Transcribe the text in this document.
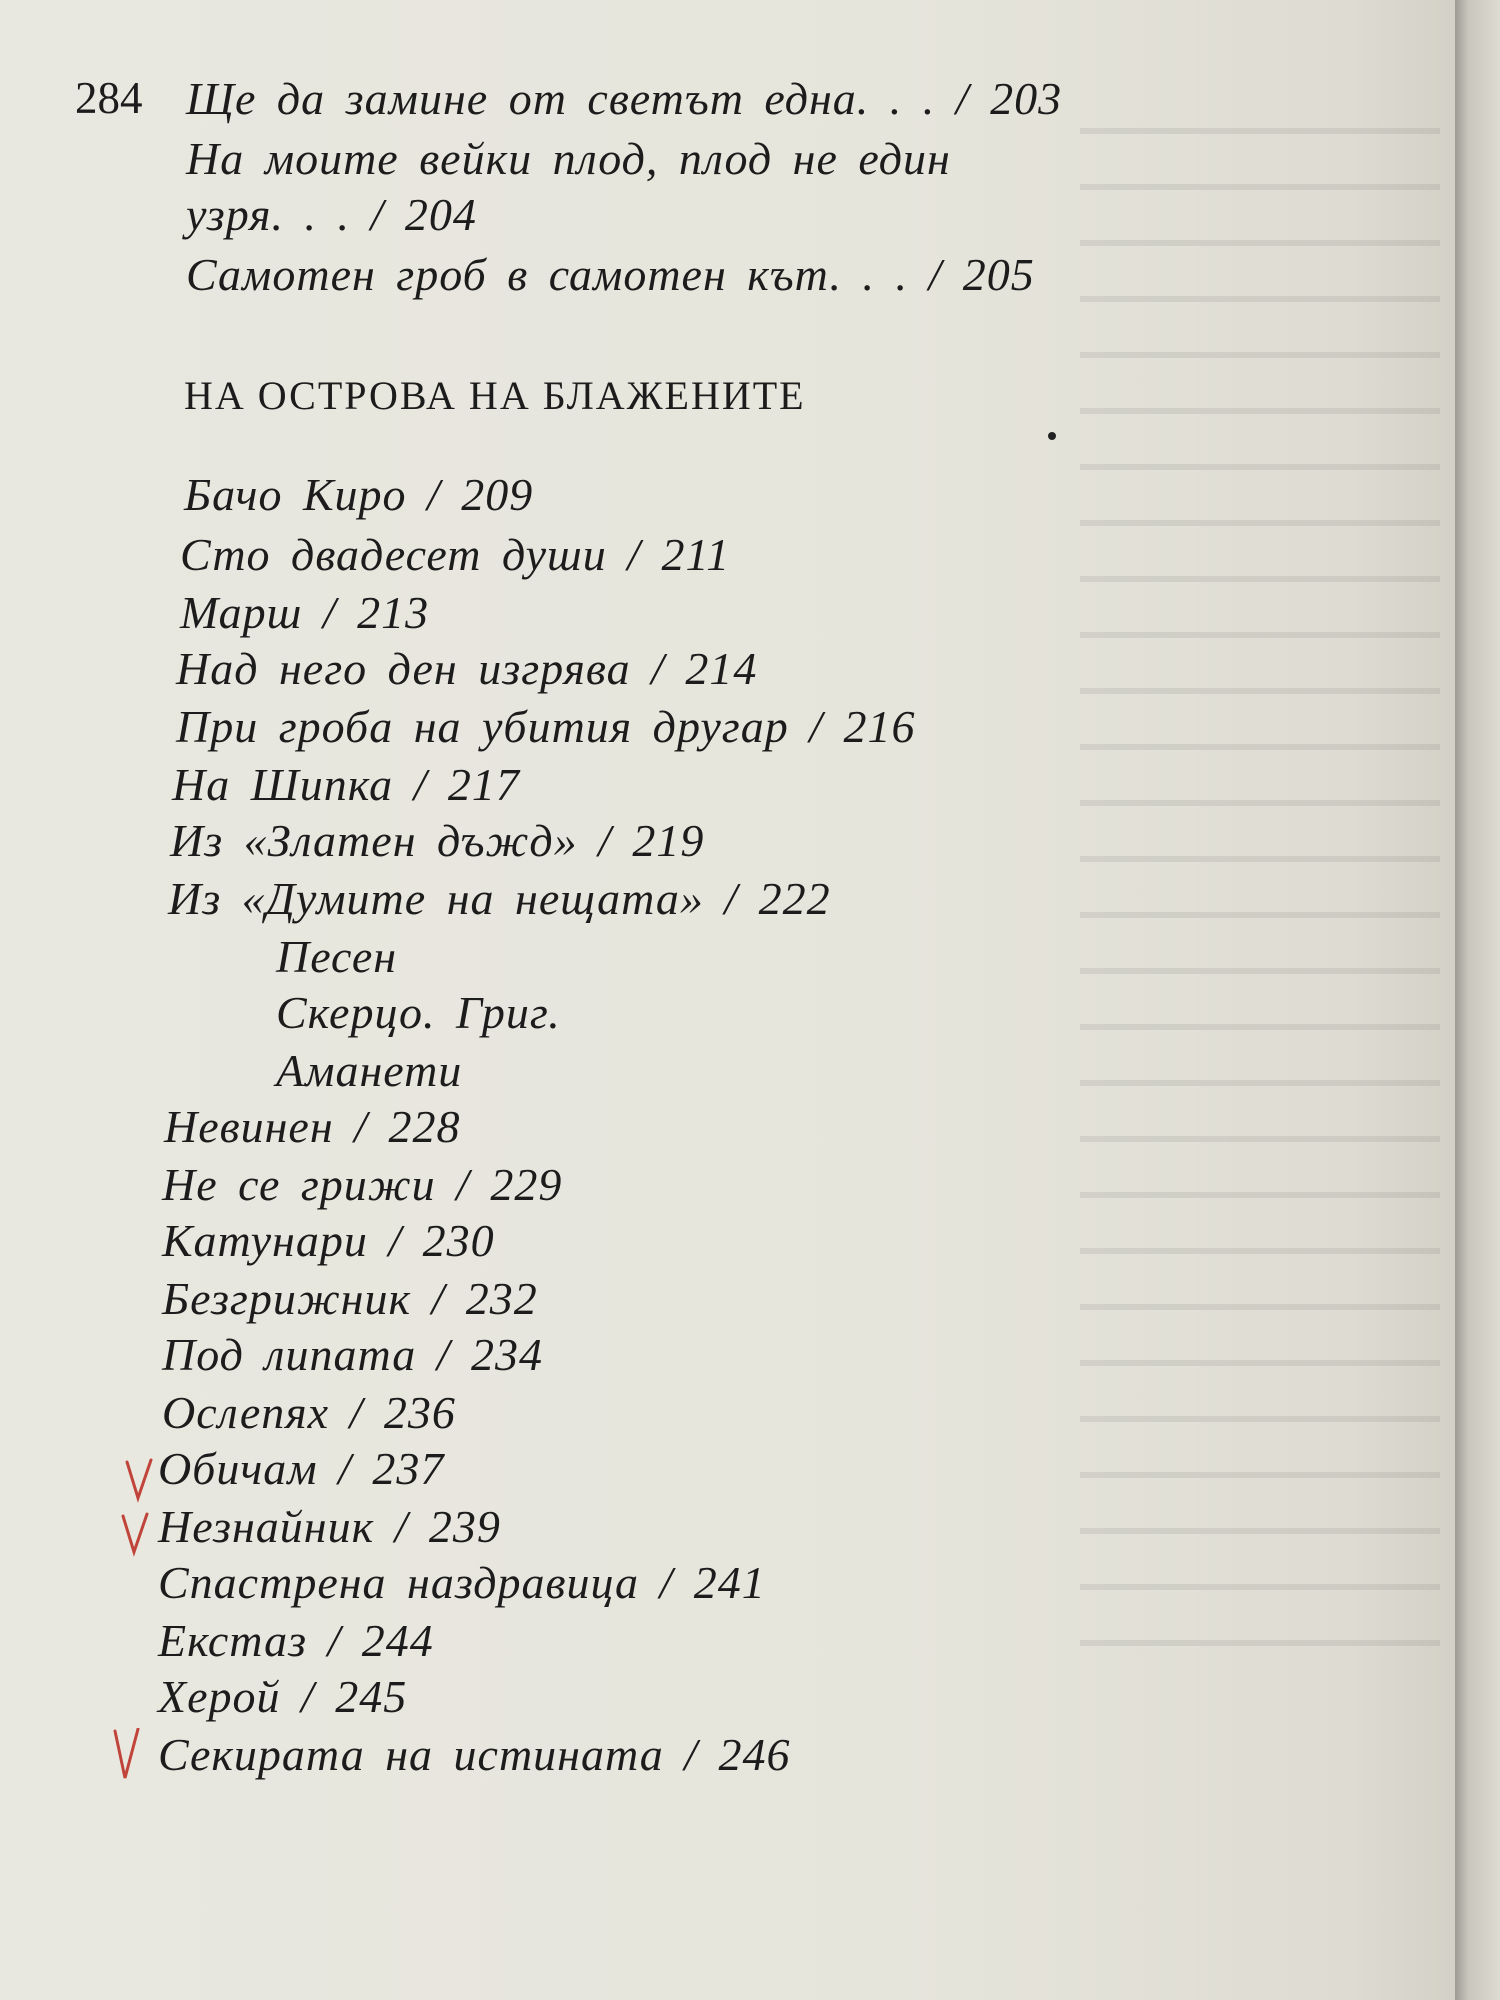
284 Ще да замине от светът една. . . / 203
На моите вейки плод, плод не един
узря. . . / 204
Самотен гроб в самотен кът. . . / 205
НА ОСТРОВА НА БЛАЖЕНИТЕ
Бачо Киро / 209
Сто двадесет души / 211
Марш / 213
Над него ден изгрява / 214
При гроба на убития другар / 216
На Шипка / 217
Из «Златен дъжд» / 219
Из «Думите на нещата» / 222
Песен
Скерцо. Григ.
Аманети
Невинен / 228
Не се грижи / 229
Катунари / 230
Безгрижник / 232
Под липата / 234
Ослепях / 236
Обичам / 237
Незнайник / 239
Спастрена наздравица / 241
Екстаз / 244
Херой / 245
Секирата на истината / 246
